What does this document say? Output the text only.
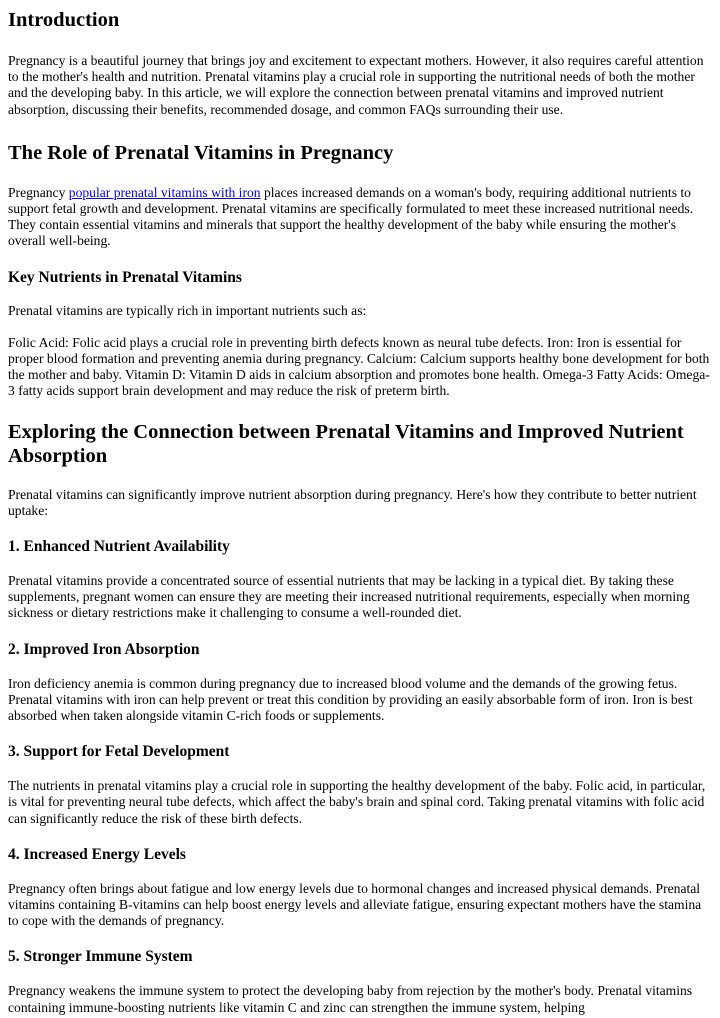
Introduction

Pregnancy is a beautiful journey that brings joy and excitement to expectant mothers. However, it also requires careful attention to the mother's health and nutrition. Prenatal vitamins play a crucial role in supporting the nutritional needs of both the mother and the developing baby. In this article, we will explore the connection between prenatal vitamins and improved nutrient absorption, discussing their benefits, recommended dosage, and common FAQs surrounding their use.

The Role of Prenatal Vitamins in Pregnancy

Pregnancy popular prenatal vitamins with iron places increased demands on a woman's body, requiring additional nutrients to support fetal growth and development. Prenatal vitamins are specifically formulated to meet these increased nutritional needs. They contain essential vitamins and minerals that support the healthy development of the baby while ensuring the mother's overall well-being.

Key Nutrients in Prenatal Vitamins

Prenatal vitamins are typically rich in important nutrients such as:

Folic Acid: Folic acid plays a crucial role in preventing birth defects known as neural tube defects. Iron: Iron is essential for proper blood formation and preventing anemia during pregnancy. Calcium: Calcium supports healthy bone development for both the mother and baby. Vitamin D: Vitamin D aids in calcium absorption and promotes bone health. Omega-3 Fatty Acids: Omega-3 fatty acids support brain development and may reduce the risk of preterm birth.

Exploring the Connection between Prenatal Vitamins and Improved Nutrient Absorption

Prenatal vitamins can significantly improve nutrient absorption during pregnancy. Here's how they contribute to better nutrient uptake:

1. Enhanced Nutrient Availability

Prenatal vitamins provide a concentrated source of essential nutrients that may be lacking in a typical diet. By taking these supplements, pregnant women can ensure they are meeting their increased nutritional requirements, especially when morning sickness or dietary restrictions make it challenging to consume a well-rounded diet.

2. Improved Iron Absorption

Iron deficiency anemia is common during pregnancy due to increased blood volume and the demands of the growing fetus. Prenatal vitamins with iron can help prevent or treat this condition by providing an easily absorbable form of iron. Iron is best absorbed when taken alongside vitamin C-rich foods or supplements.

3. Support for Fetal Development

The nutrients in prenatal vitamins play a crucial role in supporting the healthy development of the baby. Folic acid, in particular, is vital for preventing neural tube defects, which affect the baby's brain and spinal cord. Taking prenatal vitamins with folic acid can significantly reduce the risk of these birth defects.

4. Increased Energy Levels

Pregnancy often brings about fatigue and low energy levels due to hormonal changes and increased physical demands. Prenatal vitamins containing B-vitamins can help boost energy levels and alleviate fatigue, ensuring expectant mothers have the stamina to cope with the demands of pregnancy.

5. Stronger Immune System

Pregnancy weakens the immune system to protect the developing baby from rejection by the mother's body. Prenatal vitamins containing immune-boosting nutrients like vitamin C and zinc can strengthen the immune system, helping
